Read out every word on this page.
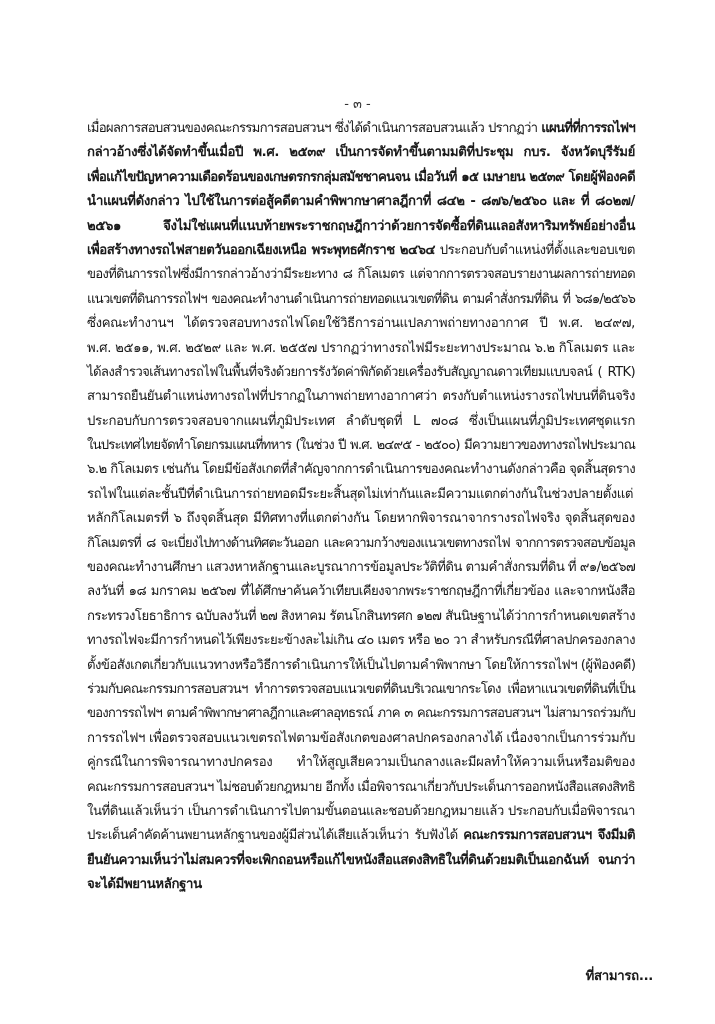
- ๓ -
เมื่อผลการสอบสวนของคณะกรรมการสอบสวนฯ ซึ่งได้ดำเนินการสอบสวนแล้ว ปรากฏว่า แผนที่ที่การรถไฟฯ
กล่าวอ้างซึ่งได้จัดทำขึ้นเมื่อปี พ.ศ. ๒๕๓๙ เป็นการจัดทำขึ้นตามมติที่ประชุม กบร. จังหวัดบุรีรัมย์
เพื่อแก้ไขปัญหาความเดือดร้อนของเกษตรกรกลุ่มสมัชชาคนจน เมื่อวันที่ ๑๕ เมษายน ๒๕๓๙ โดยผู้ฟ้องคดี
นำแผนที่ดังกล่าว ไปใช้ในการต่อสู้คดีตามคำพิพากษาศาลฎีกาที่ ๘๔๒ - ๘๗๖/๒๕๖๐ และ ที่ ๘๐๒๗/
๒๕๖๑ จึงไม่ใช่แผนที่แนบท้ายพระราชกฤษฎีกาว่าด้วยการจัดซื้อที่ดินแลอสังหาริมทรัพย์อย่างอื่น
เพื่อสร้างทางรถไฟสายตวันออกเฉียงเหนือ พระพุทธศักราช ๒๔๖๔ ประกอบกับตำแหน่งที่ตั้งและขอบเขต
ของที่ดินการรถไฟซึ่งมีการกล่าวอ้างว่ามีระยะทาง ๘ กิโลเมตร แต่จากการตรวจสอบรายงานผลการถ่ายทอด
แนวเขตที่ดินการรถไฟฯ ของคณะทำงานดำเนินการถ่ายทอดแนวเขตที่ดิน ตามคำสั่งกรมที่ดิน ที่ ๖๘๑/๒๕๖๖
ซึ่งคณะทำงานฯ ได้ตรวจสอบทางรถไฟโดยใช้วิธีการอ่านแปลภาพถ่ายทางอากาศ ปี พ.ศ. ๒๔๙๗,
พ.ศ. ๒๕๑๑, พ.ศ. ๒๕๒๙ และ พ.ศ. ๒๕๕๗ ปรากฏว่าทางรถไฟมีระยะทางประมาณ ๖.๒ กิโลเมตร และ
ได้ลงสำรวจเส้นทางรถไฟในพื้นที่จริงด้วยการรังวัดค่าพิกัดด้วยเครื่องรับสัญญาณดาวเทียมแบบจลน์ ( RTK)
สามารถยืนยันตำแหน่งทางรถไฟที่ปรากฏในภาพถ่ายทางอากาศว่า ตรงกับตำแหน่งรางรถไฟบนที่ดินจริง
ประกอบกับการตรวจสอบจากแผนที่ภูมิประเทศ ลำดับชุดที่ L ๗๐๘ ซึ่งเป็นแผนที่ภูมิประเทศชุดแรก
ในประเทศไทยจัดทำโดยกรมแผนที่ทหาร (ในช่วง ปี พ.ศ. ๒๔๙๕ - ๒๕๐๐) มีความยาวของทางรถไฟประมาณ
๖.๒ กิโลเมตร เช่นกัน โดยมีข้อสังเกตที่สำคัญจากการดำเนินการของคณะทำงานดังกล่าวคือ จุดสิ้นสุดราง
รถไฟในแต่ละชั้นปีที่ดำเนินการถ่ายทอดมีระยะสิ้นสุดไม่เท่ากันและมีความแตกต่างกันในช่วงปลายตั้งแต่
หลักกิโลเมตรที่ ๖ ถึงจุดสิ้นสุด มีทิศทางที่แตกต่างกัน โดยหากพิจารณาจากรางรถไฟจริง จุดสิ้นสุดของ
กิโลเมตรที่ ๘ จะเบี่ยงไปทางด้านทิศตะวันออก และความกว้างของแนวเขตทางรถไฟ จากการตรวจสอบข้อมูล
ของคณะทำงานศึกษา แสวงหาหลักฐานและบูรณาการข้อมูลประวัติที่ดิน ตามคำสั่งกรมที่ดิน ที่ ๙๑/๒๕๖๗
ลงวันที่ ๑๘ มกราคม ๒๕๖๗ ที่ได้ศึกษาค้นคว้าเทียบเคียงจากพระราชกฤษฎีกาที่เกี่ยวข้อง และจากหนังสือ
กระทรวงโยธาธิการ ฉบับลงวันที่ ๒๗ สิงหาคม รัตนโกสินทรศก ๑๒๗ สันนิษฐานได้ว่าการกำหนดเขตสร้าง
ทางรถไฟจะมีการกำหนดไว้เพียงระยะข้างละไม่เกิน ๔๐ เมตร หรือ ๒๐ วา สำหรับกรณีที่ศาลปกครองกลาง
ตั้งข้อสังเกตเกี่ยวกับแนวทางหรือวิธีการดำเนินการให้เป็นไปตามคำพิพากษา โดยให้การรถไฟฯ (ผู้ฟ้องคดี)
ร่วมกับคณะกรรมการสอบสวนฯ ทำการตรวจสอบแนวเขตที่ดินบริเวณเขากระโดง เพื่อหาแนวเขตที่ดินที่เป็น
ของการรถไฟฯ ตามคำพิพากษาศาลฎีกาและศาลอุทธรณ์ ภาค ๓ คณะกรรมการสอบสวนฯ ไม่สามารถร่วมกับ
การรถไฟฯ เพื่อตรวจสอบแนวเขตรถไฟตามข้อสังเกตของศาลปกครองกลางได้ เนื่องจากเป็นการร่วมกับ
คู่กรณีในการพิจารณาทางปกครอง ทำให้สูญเสียความเป็นกลางและมีผลทำให้ความเห็นหรือมติของ
คณะกรรมการสอบสวนฯ ไม่ชอบด้วยกฎหมาย อีกทั้ง เมื่อพิจารณาเกี่ยวกับประเด็นการออกหนังสือแสดงสิทธิ
ในที่ดินแล้วเห็นว่า เป็นการดำเนินการไปตามขั้นตอนและชอบด้วยกฎหมายแล้ว ประกอบกับเมื่อพิจารณา
ประเด็นคำคัดค้านพยานหลักฐานของผู้มีส่วนได้เสียแล้วเห็นว่า รับฟังได้ คณะกรรมการสอบสวนฯ จึงมีมติ
ยืนยันความเห็นว่าไม่สมควรที่จะเพิกถอนหรือแก้ไขหนังสือแสดงสิทธิในที่ดินด้วยมติเป็นเอกฉันท์ จนกว่า
จะได้มีพยานหลักฐาน
ที่สามารถ...
